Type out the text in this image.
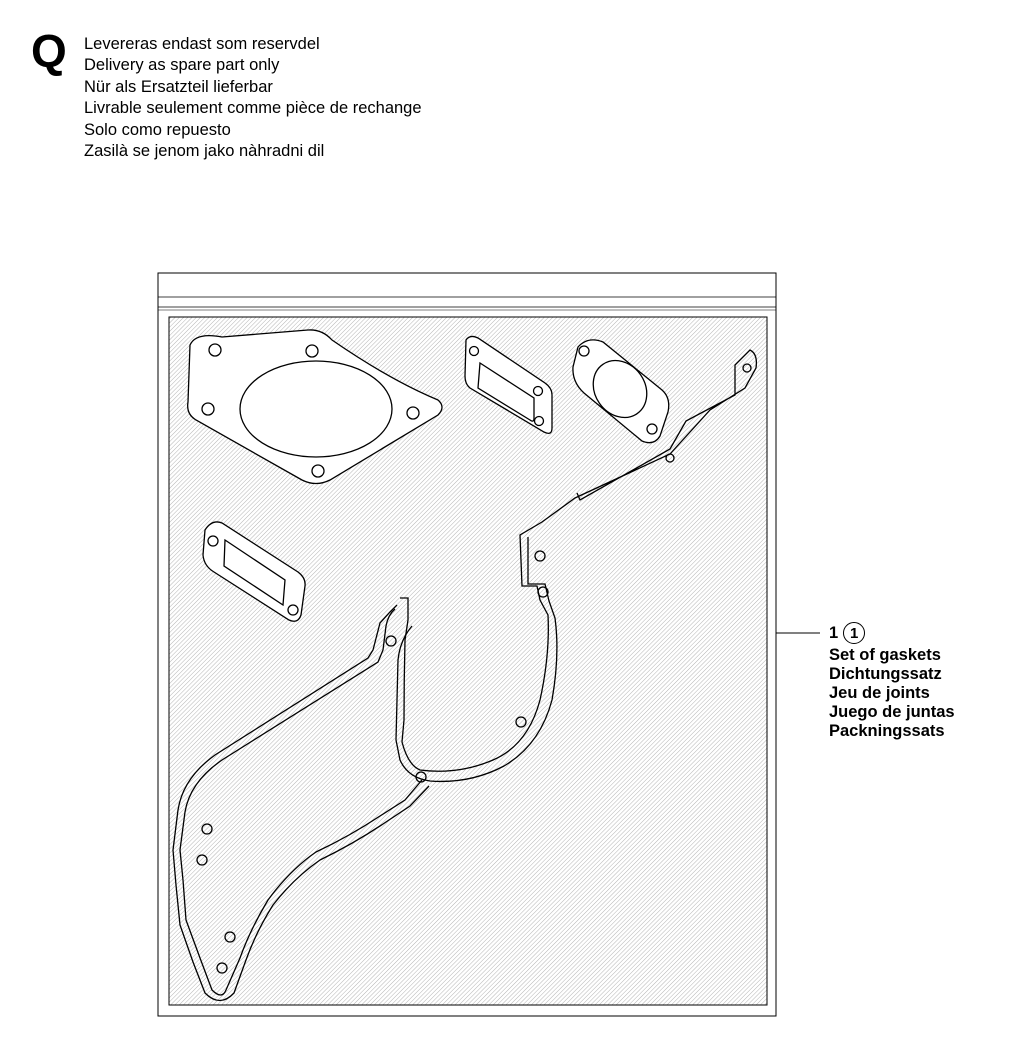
Q Levereras endast som reservdel
Delivery as spare part only
Nür als Ersatzteil lieferbar
Livrable seulement comme pièce de rechange
Solo como repuesto
Zasilà se jenom jako nàhradni dil
1 1
Set of gaskets
Dichtungssatz
Jeu de joints
Juego de juntas
Packningssats
